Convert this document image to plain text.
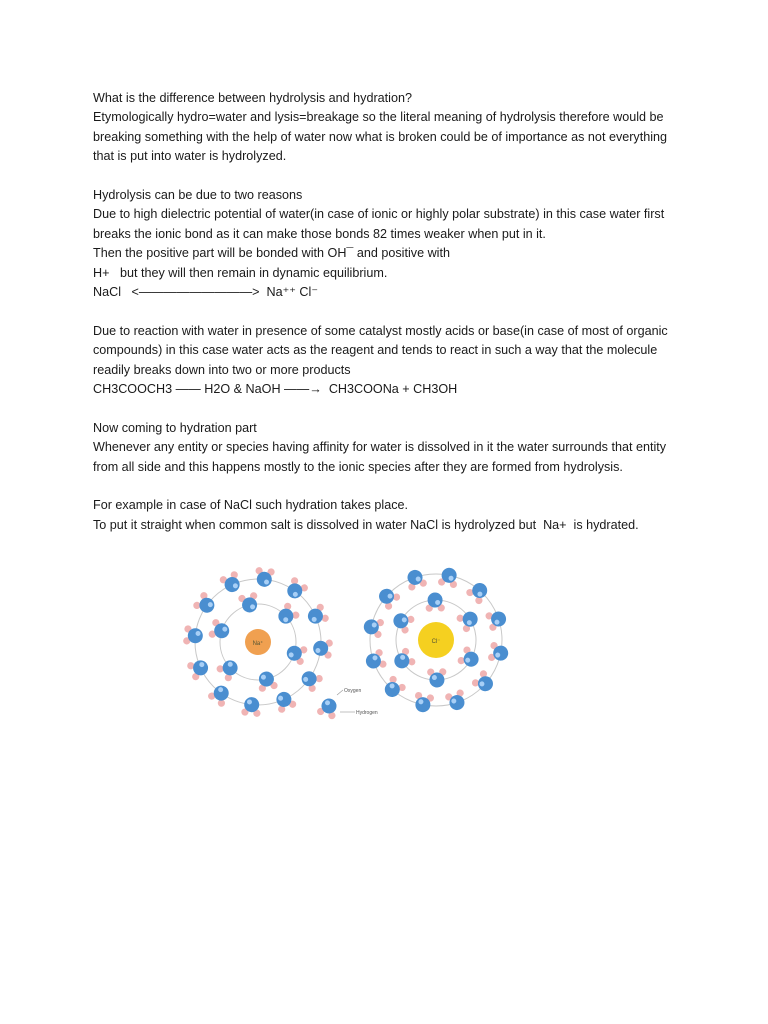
What is the difference between hydrolysis and hydration?

Etymologically hydro=water and lysis=breakage so the literal meaning of hydrolysis therefore would be

breaking something with the help of water now what is broken could be of importance as not everything

that is put into water is hydrolyzed.

Hydrolysis can be due to two reasons

Due to high dielectric potential of water(in case of ionic or highly polar substrate) in this case water first

breaks the ionic bond as it can make those bonds 82 times weaker when put in it.

Then the positive part will be bonded with OH¯ and positive with

H+   but they will then remain in dynamic equilibrium.

NaCl   <—————————>  Na⁺⁺ Cl⁻

Due to reaction with water in presence of some catalyst mostly acids or base(in case of most of organic

compounds) in this case water acts as the reagent and tends to react in such a way that the molecule

readily breaks down into two or more products

CH3COOCH3 —— H2O & NaOH ——→  CH3COONa + CH3OH

Now coming to hydration part

Whenever any entity or species having affinity for water is dissolved in it the water surrounds that entity

from all side and this happens mostly to the ionic species after they are formed from hydrolysis.

For example in case of NaCl such hydration takes place.

To put it straight when common salt is dissolved in water NaCl is hydrolyzed but  Na+  is hydrated.

Na⁺	Cl⁻
Oxygen
Hydrogen
